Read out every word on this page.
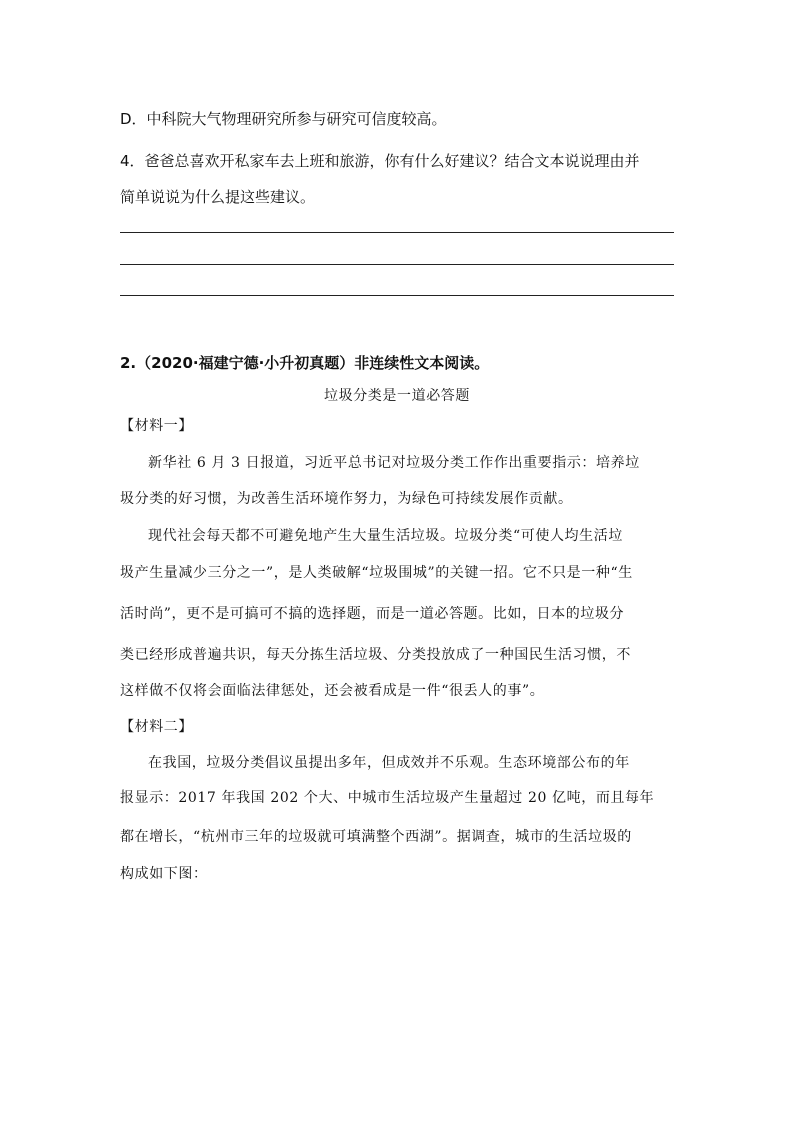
D．中科院大气物理研究所参与研究可信度较高。
4．爸爸总喜欢开私家车去上班和旅游，你有什么好建议？结合文本说说理由并
简单说说为什么提这些建议。
2.（2020·福建宁德·小升初真题）非连续性文本阅读。
垃圾分类是一道必答题
【材料一】
新华社 6 月 3 日报道，习近平总书记对垃圾分类工作作出重要指示：培养垃
圾分类的好习惯，为改善生活环境作努力，为绿色可持续发展作贡献。
现代社会每天都不可避免地产生大量生活垃圾。垃圾分类“可使人均生活垃
圾产生量减少三分之一”，是人类破解“垃圾围城”的关键一招。它不只是一种“生
活时尚”，更不是可搞可不搞的选择题，而是一道必答题。比如，日本的垃圾分
类已经形成普遍共识，每天分拣生活垃圾、分类投放成了一种国民生活习惯，不
这样做不仅将会面临法律惩处，还会被看成是一件“很丢人的事”。
【材料二】
在我国，垃圾分类倡议虽提出多年，但成效并不乐观。生态环境部公布的年
报显示：2017 年我国 202 个大、中城市生活垃圾产生量超过 20 亿吨，而且每年
都在增长，“杭州市三年的垃圾就可填满整个西湖”。据调查，城市的生活垃圾的
构成如下图：
